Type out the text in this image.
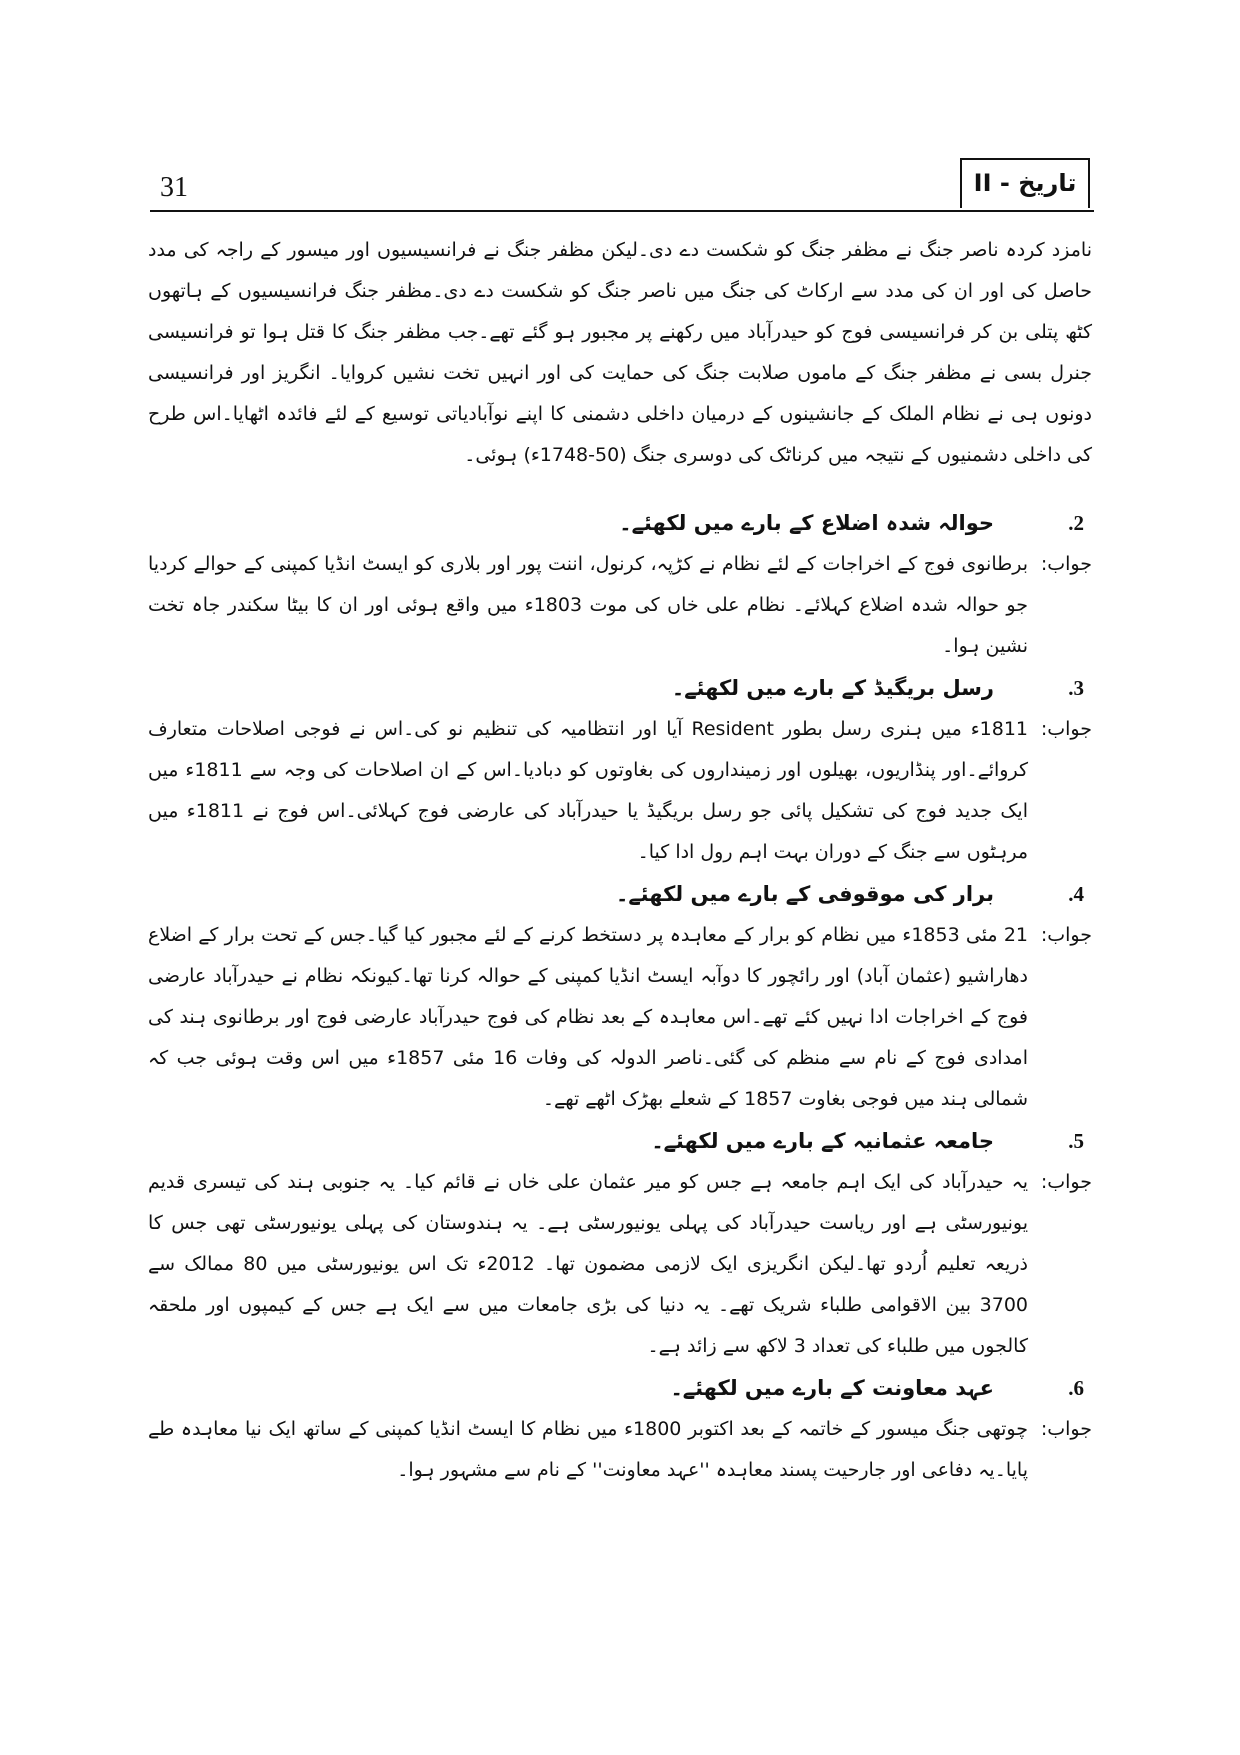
31	تاریخ - II

نامزد کردہ ناصر جنگ نے مظفر جنگ کو شکست دے دی۔لیکن مظفر جنگ نے فرانسیسیوں اور میسور کے راجہ کی مدد حاصل کی اور ان کی مدد سے ارکاٹ کی جنگ میں ناصر جنگ کو شکست دے دی۔مظفر جنگ فرانسیسیوں کے ہاتھوں کٹھ پتلی بن کر فرانسیسی فوج کو حیدرآباد میں رکھنے پر مجبور ہو گئے تھے۔جب مظفر جنگ کا قتل ہوا تو فرانسیسی جنرل بسی نے مظفر جنگ کے ماموں صلابت جنگ کی حمایت کی اور انہیں تخت نشیں کروایا۔ انگریز اور فرانسیسی دونوں ہی نے نظام الملک کے جانشینوں کے درمیان داخلی دشمنی کا اپنے نوآبادیاتی توسیع کے لئے فائدہ اٹھایا۔اس طرح کی داخلی دشمنیوں کے نتیجہ میں کرناٹک کی دوسری جنگ (50-1748ء) ہوئی۔

2.
حوالہ شدہ اضلاع کے بارے میں لکھئے۔
جواب:
برطانوی فوج کے اخراجات کے لئے نظام نے کڑپہ، کرنول، اننت پور اور بلاری کو ایسٹ انڈیا کمپنی کے حوالے کردیا جو حوالہ شدہ اضلاع کہلائے۔ نظام علی خاں کی موت 1803ء میں واقع ہوئی اور ان کا بیٹا سکندر جاہ تخت نشین ہوا۔
3.
رسل بریگیڈ کے بارے میں لکھئے۔
جواب:
1811ء میں ہنری رسل بطور Resident آیا اور انتظامیہ کی تنظیم نو کی۔اس نے فوجی اصلاحات متعارف کروائے۔اور پنڈاریوں، بھیلوں اور زمینداروں کی بغاوتوں کو دبادیا۔اس کے ان اصلاحات کی وجہ سے 1811ء میں ایک جدید فوج کی تشکیل پائی جو رسل بریگیڈ یا حیدرآباد کی عارضی فوج کہلائی۔اس فوج نے 1811ء میں مرہٹوں سے جنگ کے دوران بہت اہم رول ادا کیا۔
4.
برار کی موقوفی کے بارے میں لکھئے۔
جواب:
21 مئی 1853ء میں نظام کو برار کے معاہدہ پر دستخط کرنے کے لئے مجبور کیا گیا۔جس کے تحت برار کے اضلاع دھاراشیو (عثمان آباد) اور رائچور کا دوآبہ ایسٹ انڈیا کمپنی کے حوالہ کرنا تھا۔کیونکہ نظام نے حیدرآباد عارضی فوج کے اخراجات ادا نہیں کئے تھے۔اس معاہدہ کے بعد نظام کی فوج حیدرآباد عارضی فوج اور برطانوی ہند کی امدادی فوج کے نام سے منظم کی گئی۔ناصر الدولہ کی وفات 16 مئی 1857ء میں اس وقت ہوئی جب کہ شمالی ہند میں فوجی بغاوت 1857 کے شعلے بھڑک اٹھے تھے۔
5.
جامعہ عثمانیہ کے بارے میں لکھئے۔
جواب:
یہ حیدرآباد کی ایک اہم جامعہ ہے جس کو میر عثمان علی خاں نے قائم کیا۔ یہ جنوبی ہند کی تیسری قدیم یونیورسٹی ہے اور ریاست حیدرآباد کی پہلی یونیورسٹی ہے۔ یہ ہندوستان کی پہلی یونیورسٹی تھی جس کا ذریعہ تعلیم اُردو تھا۔لیکن انگریزی ایک لازمی مضمون تھا۔ 2012ء تک اس یونیورسٹی میں 80 ممالک سے 3700 بین الاقوامی طلباء شریک تھے۔ یہ دنیا کی بڑی جامعات میں سے ایک ہے جس کے کیمپوں اور ملحقہ کالجوں میں طلباء کی تعداد 3 لاکھ سے زائد ہے۔
6.
عہد معاونت کے بارے میں لکھئے۔
جواب:
چوتھی جنگ میسور کے خاتمہ کے بعد اکتوبر 1800ء میں نظام کا ایسٹ انڈیا کمپنی کے ساتھ ایک نیا معاہدہ طے پایا۔یہ دفاعی اور جارحیت پسند معاہدہ ''عہد معاونت'' کے نام سے مشہور ہوا۔
